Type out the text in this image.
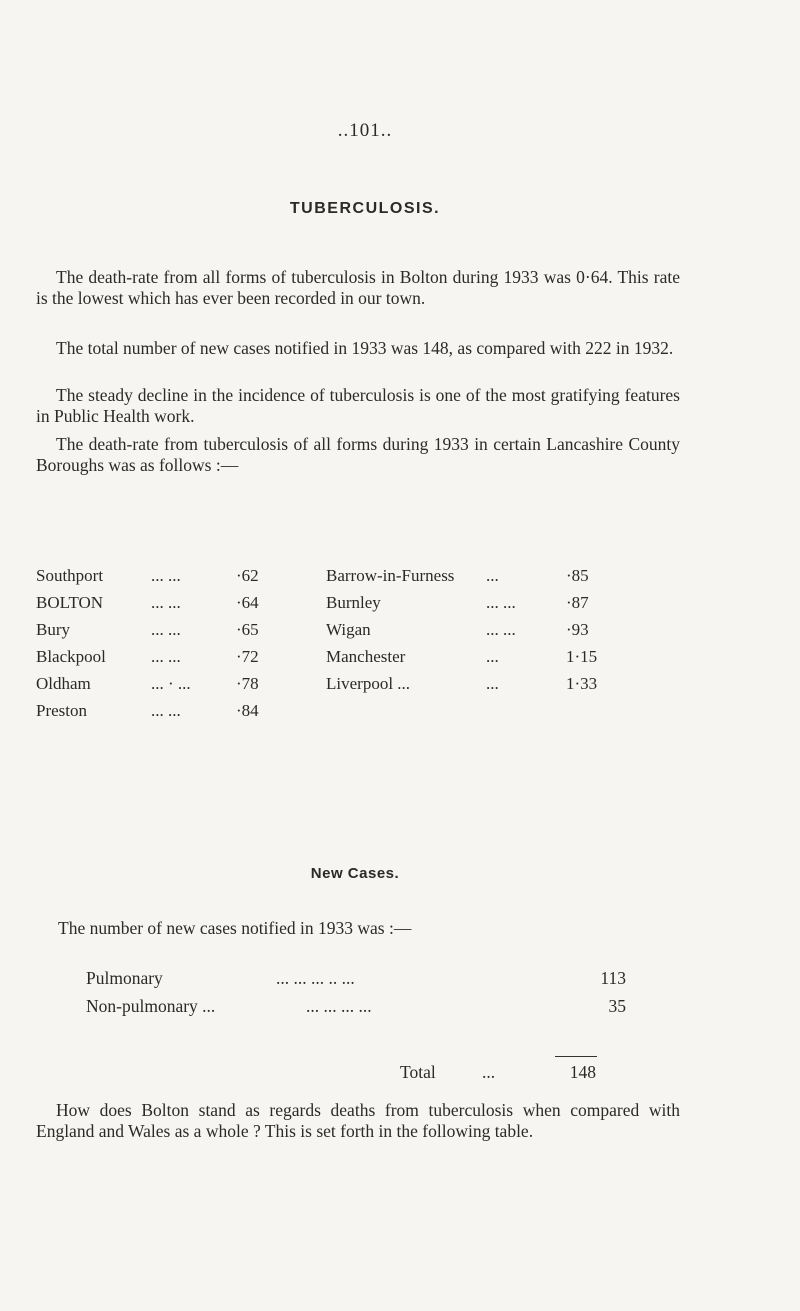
..101..
TUBERCULOSIS.

The death-rate from all forms of tuberculosis in Bolton during 1933 was 0·64. This rate is the lowest which has ever been recorded in our town.

The total number of new cases notified in 1933 was 148, as compared with 222 in 1932.

The steady decline in the incidence of tuberculosis is one of the most gratifying features in Public Health work.

The death-rate from tuberculosis of all forms during 1933 in certain Lancashire County Boroughs was as follows :—

Southport	... ...	·62	Barrow-in-Furness ...	·85
BOLTON	... ...	·64	Burnley	... ...	·87
Bury	... ...	·65	Wigan	... ...	·93
Blackpool	... ...	·72	Manchester	...	1·15
Oldham	... · ...	·78	Liverpool ...	...	1·33
Preston	... ...	·84
New Cases.
The number of new cases notified in 1933 was :—
Pulmonary	... ... ... .. ...	113
Non-pulmonary ...	... ... ... ...	35
Total	...	148

How does Bolton stand as regards deaths from tuberculosis when compared with England and Wales as a whole ? This is set forth in the following table.
